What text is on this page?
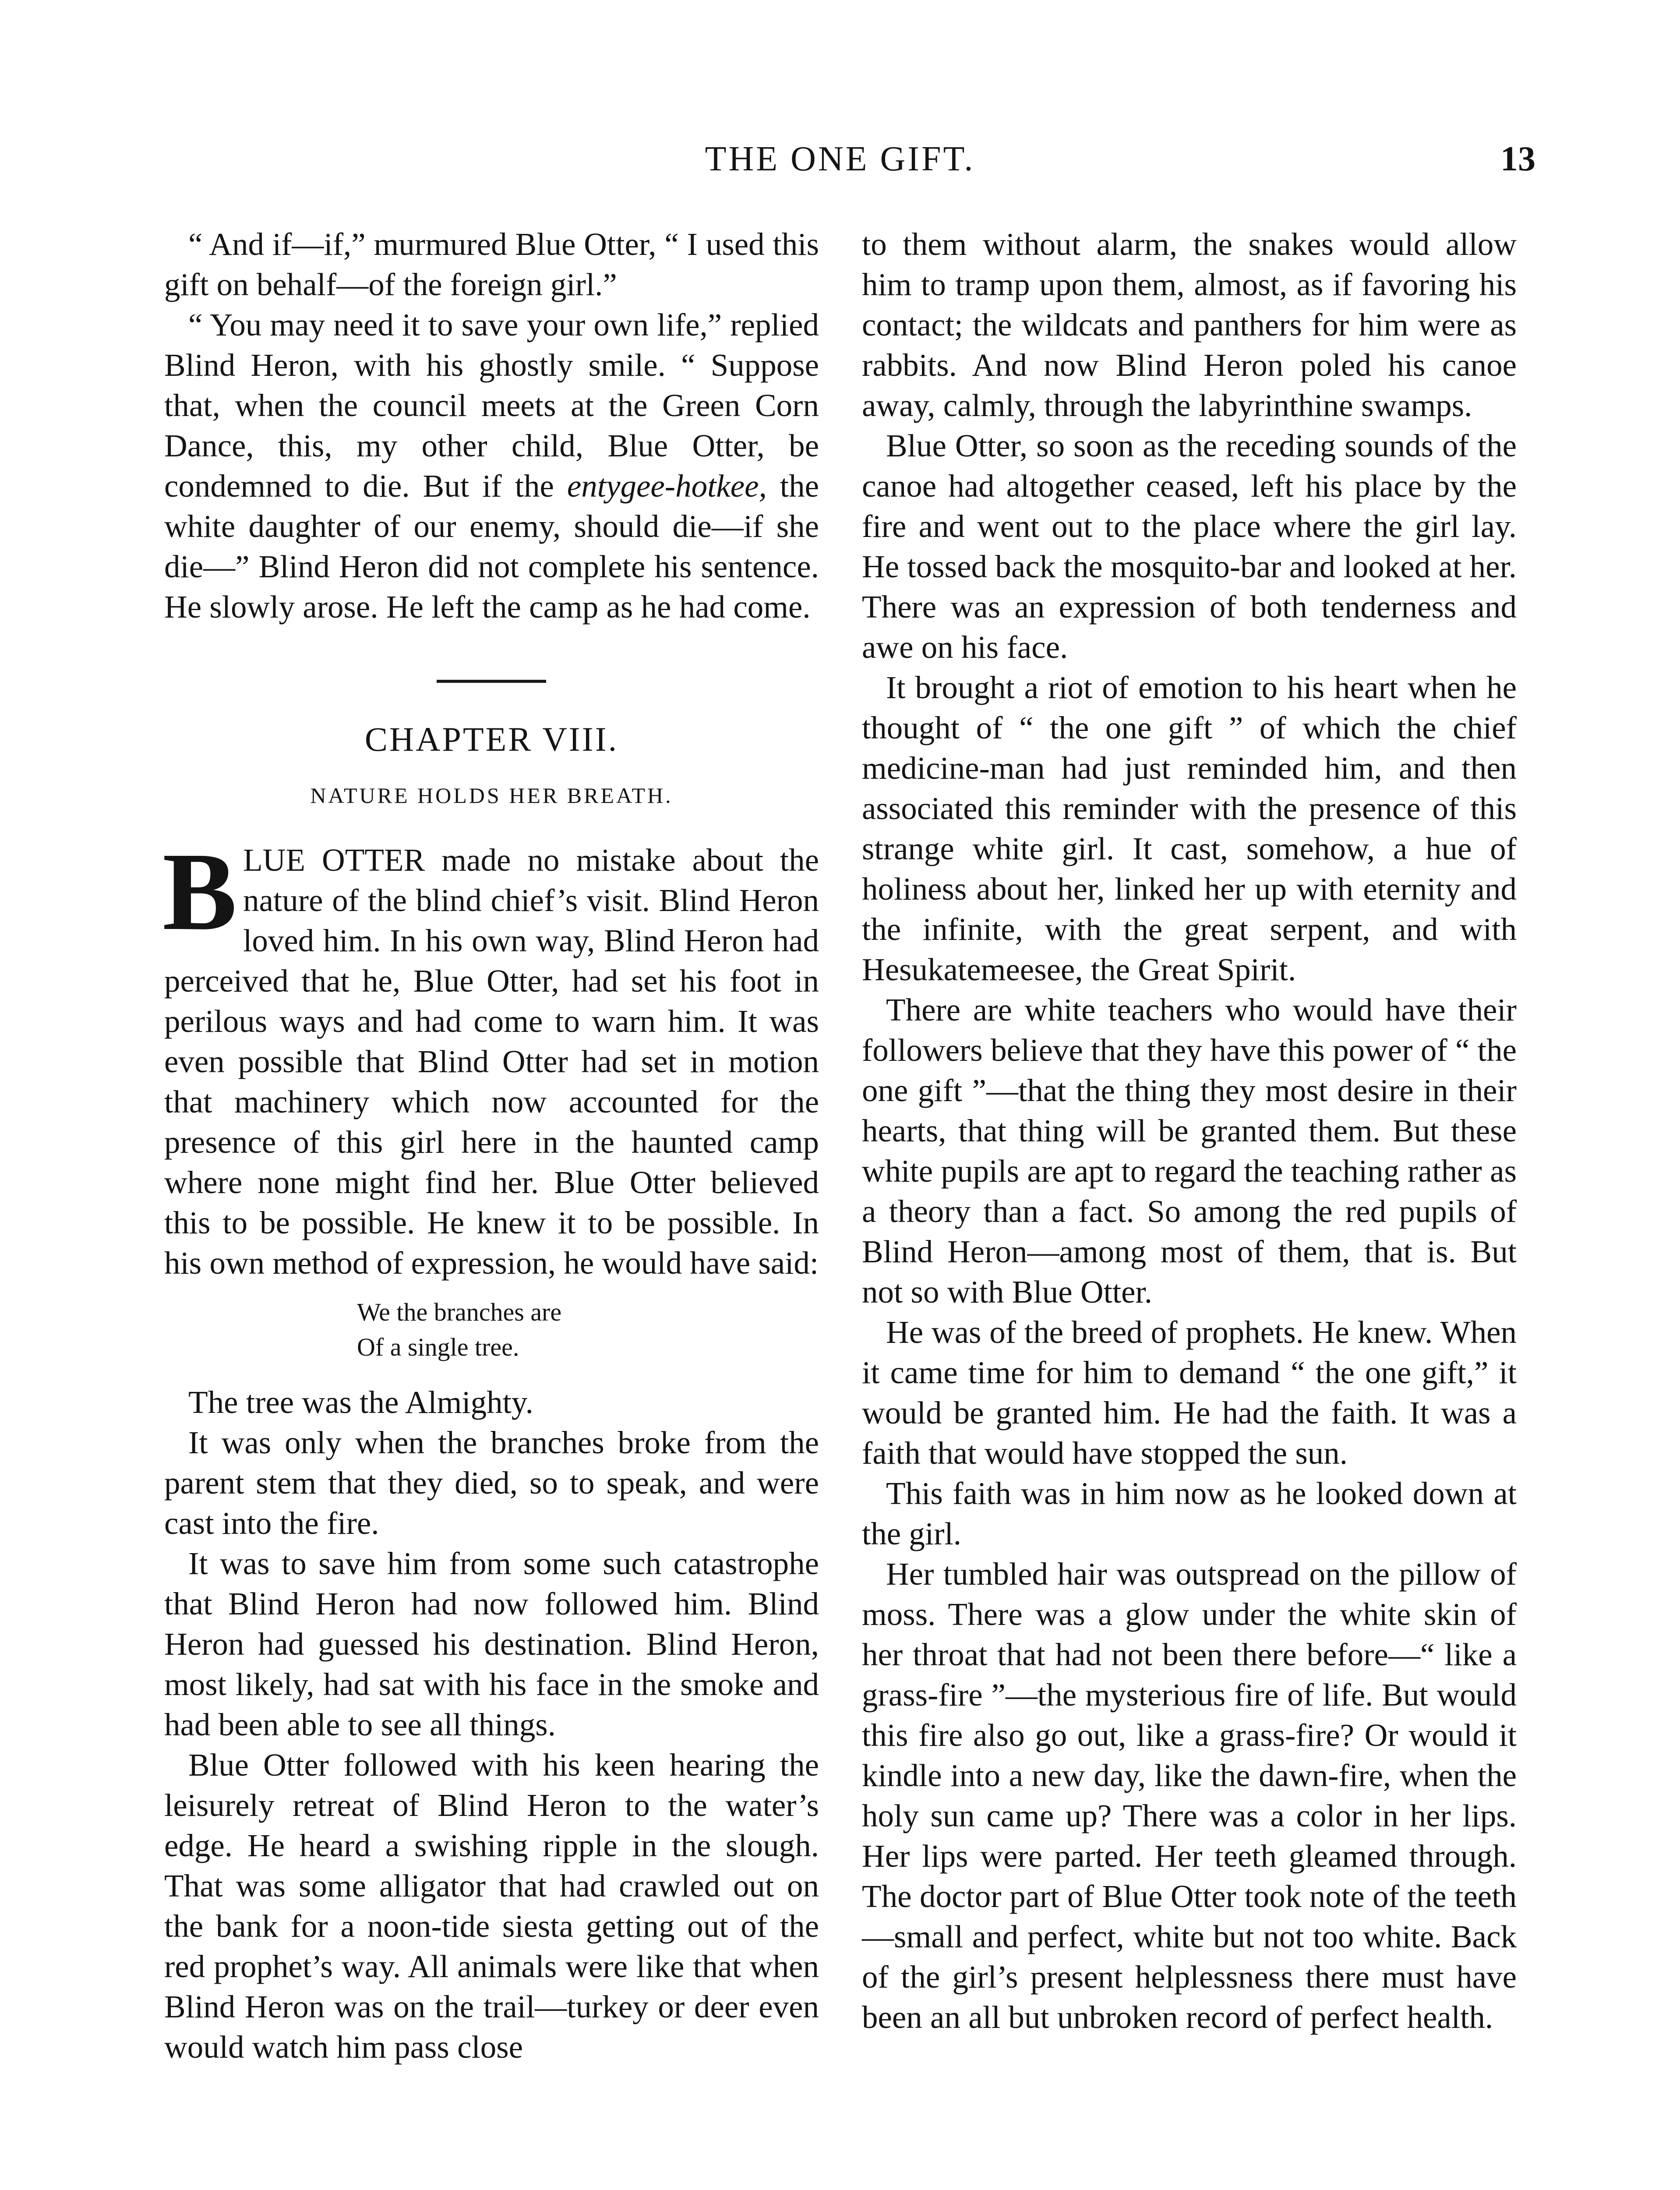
THE ONE GIFT.	13

“ And if—if,” murmured Blue Otter, “ I used this gift on behalf—of the foreign girl.”

“ You may need it to save your own life,” replied Blind Heron, with his ghostly smile. “ Suppose that, when the council meets at the Green Corn Dance, this, my other child, Blue Otter, be condemned to die. But if the entygee-hotkee, the white daughter of our enemy, should die—if she die—” Blind Heron did not complete his sentence. He slowly arose. He left the camp as he had come.

CHAPTER VIII.
NATURE HOLDS HER BREATH.

BLUE OTTER made no mistake about the nature of the blind chief’s visit. Blind Heron loved him. In his own way, Blind Heron had perceived that he, Blue Otter, had set his foot in perilous ways and had come to warn him. It was even possible that Blind Otter had set in motion that machinery which now accounted for the presence of this girl here in the haunted camp where none might find her. Blue Otter believed this to be possible. He knew it to be possible. In his own method of expression, he would have said:

We the branches are
Of a single tree.

The tree was the Almighty.

It was only when the branches broke from the parent stem that they died, so to speak, and were cast into the fire.

It was to save him from some such catastrophe that Blind Heron had now followed him. Blind Heron had guessed his destination. Blind Heron, most likely, had sat with his face in the smoke and had been able to see all things.

Blue Otter followed with his keen hearing the leisurely retreat of Blind Heron to the water’s edge. He heard a swishing ripple in the slough. That was some alligator that had crawled out on the bank for a noon-tide siesta getting out of the red prophet’s way. All animals were like that when Blind Heron was on the trail—turkey or deer even would watch him pass close

to them without alarm, the snakes would allow him to tramp upon them, almost, as if favoring his contact; the wildcats and panthers for him were as rabbits. And now Blind Heron poled his canoe away, calmly, through the labyrinthine swamps.

Blue Otter, so soon as the receding sounds of the canoe had altogether ceased, left his place by the fire and went out to the place where the girl lay. He tossed back the mosquito-bar and looked at her. There was an expression of both tenderness and awe on his face.

It brought a riot of emotion to his heart when he thought of “ the one gift ” of which the chief medicine-man had just reminded him, and then associated this reminder with the presence of this strange white girl. It cast, somehow, a hue of holiness about her, linked her up with eternity and the infinite, with the great serpent, and with Hesukatemeesee, the Great Spirit.

There are white teachers who would have their followers believe that they have this power of “ the one gift ”—that the thing they most desire in their hearts, that thing will be granted them. But these white pupils are apt to regard the teaching rather as a theory than a fact. So among the red pupils of Blind Heron—among most of them, that is. But not so with Blue Otter.

He was of the breed of prophets. He knew. When it came time for him to demand “ the one gift,” it would be granted him. He had the faith. It was a faith that would have stopped the sun.

This faith was in him now as he looked down at the girl.

Her tumbled hair was outspread on the pillow of moss. There was a glow under the white skin of her throat that had not been there before—“ like a grass-fire ”—the mysterious fire of life. But would this fire also go out, like a grass-fire? Or would it kindle into a new day, like the dawn-fire, when the holy sun came up? There was a color in her lips. Her lips were parted. Her teeth gleamed through. The doctor part of Blue Otter took note of the teeth —small and perfect, white but not too white. Back of the girl’s present helplessness there must have been an all but unbroken record of perfect health.
